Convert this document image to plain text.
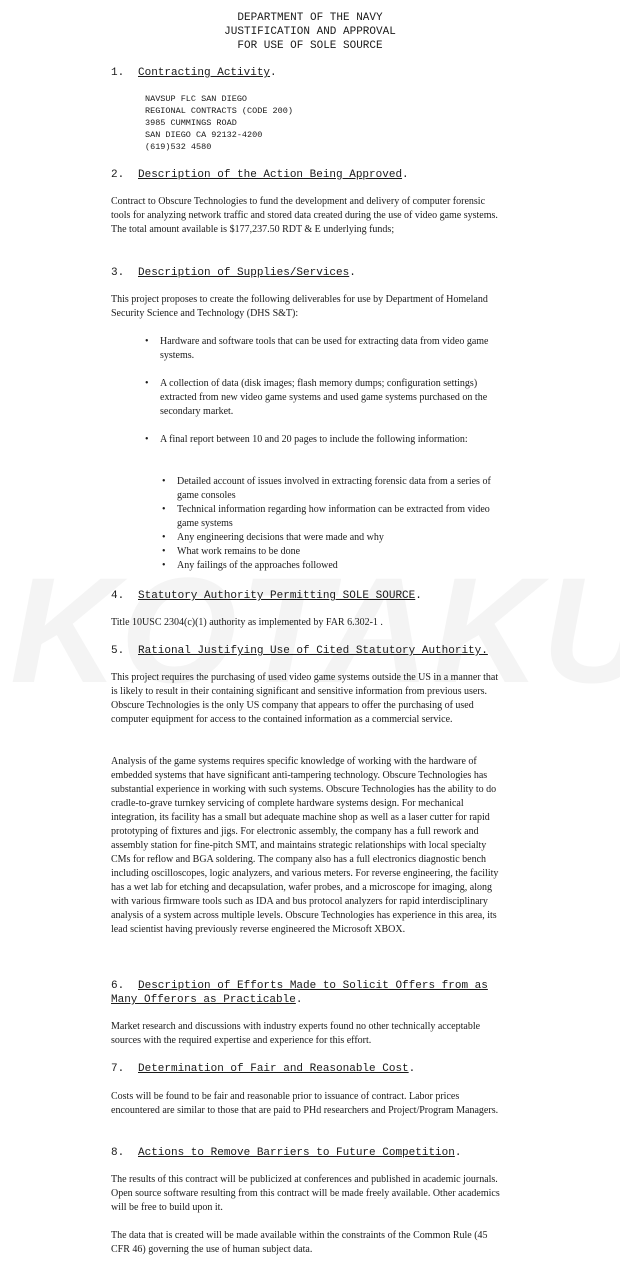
DEPARTMENT OF THE NAVY
JUSTIFICATION AND APPROVAL
FOR USE OF SOLE SOURCE
1. Contracting Activity.
NAVSUP FLC SAN DIEGO
REGIONAL CONTRACTS (CODE 200)
3985 CUMMINGS ROAD
SAN DIEGO CA 92132-4200
(619)532 4580
2. Description of the Action Being Approved.

Contract to Obscure Technologies to fund the development and delivery of computer forensic tools for analyzing network traffic and stored data created during the use of video game systems. The total amount available is $177,237.50 RDT & E underlying funds;

3. Description of Supplies/Services.

This project proposes to create the following deliverables for use by Department of Homeland Security Science and Technology (DHS S&T):

• Hardware and software tools that can be used for extracting data from video game systems.
• A collection of data (disk images; flash memory dumps; configuration settings) extracted from new video game systems and used game systems purchased on the secondary market.
• A final report between 10 and 20 pages to include the following information:
• Detailed account of issues involved in extracting forensic data from a series of game consoles
• Technical information regarding how information can be extracted from video game systems
• Any engineering decisions that were made and why
• What work remains to be done
• Any failings of the approaches followed
4. Statutory Authority Permitting SOLE SOURCE.

Title 10USC 2304(c)(1) authority as implemented by FAR 6.302-1 .

5. Rational Justifying Use of Cited Statutory Authority.

This project requires the purchasing of used video game systems outside the US in a manner that is likely to result in their containing significant and sensitive information from previous users. Obscure Technologies is the only US company that appears to offer the purchasing of used computer equipment for access to the contained information as a commercial service.

Analysis of the game systems requires specific knowledge of working with the hardware of embedded systems that have significant anti-tampering technology. Obscure Technologies has substantial experience in working with such systems. Obscure Technologies has the ability to do cradle-to-grave turnkey servicing of complete hardware systems design. For mechanical integration, its facility has a small but adequate machine shop as well as a laser cutter for rapid prototyping of fixtures and jigs. For electronic assembly, the company has a full rework and assembly station for fine-pitch SMT, and maintains strategic relationships with local specialty CMs for reflow and BGA soldering. The company also has a full electronics diagnostic bench including oscilloscopes, logic analyzers, and various meters. For reverse engineering, the facility has a wet lab for etching and decapsulation, wafer probes, and a microscope for imaging, along with various firmware tools such as IDA and bus protocol analyzers for rapid interdisciplinary analysis of a system across multiple levels. Obscure Technologies has experience in this area, its lead scientist having previously reverse engineered the Microsoft XBOX.

6. Description of Efforts Made to Solicit Offers from as Many Offerors as Practicable.

Market research and discussions with industry experts found no other technically acceptable sources with the required expertise and experience for this effort.

7. Determination of Fair and Reasonable Cost.

Costs will be found to be fair and reasonable prior to issuance of contract. Labor prices encountered are similar to those that are paid to PHd researchers and Project/Program Managers.

8. Actions to Remove Barriers to Future Competition.

The results of this contract will be publicized at conferences and published in academic journals. Open source software resulting from this contract will be made freely available. Other academics will be free to build upon it.

The data that is created will be made available within the constraints of the Common Rule (45 CFR 46) governing the use of human subject data.
